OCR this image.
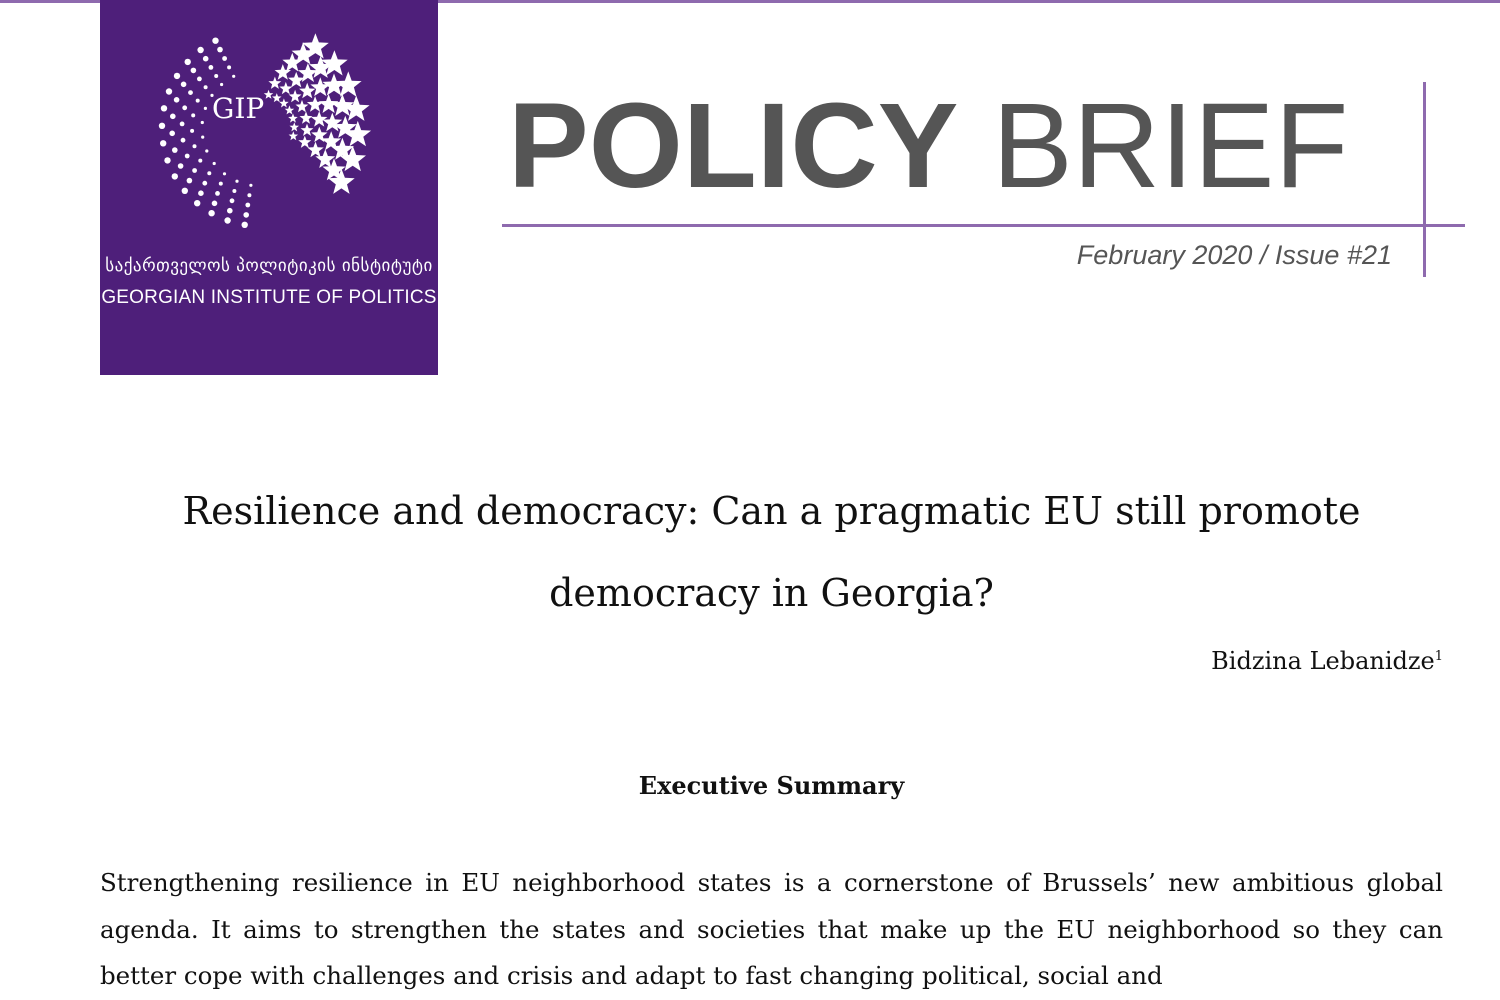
GIP
საქართველოს პოლიტიკის ინსტიტუტი
GEORGIAN INSTITUTE OF POLITICS
POLICY BRIEF
February 2020 / Issue #21
Resilience and democracy: Can a pragmatic EU still promote democracy in Georgia?
Bidzina Lebanidze$^1$
Executive Summary
Strengthening resilience in EU neighborhood states is a cornerstone of Brussels’ new ambitious global agenda. It aims to strengthen the states and societies that make up the EU neighborhood so they can better cope with challenges and crisis and adapt to fast changing political, social and
